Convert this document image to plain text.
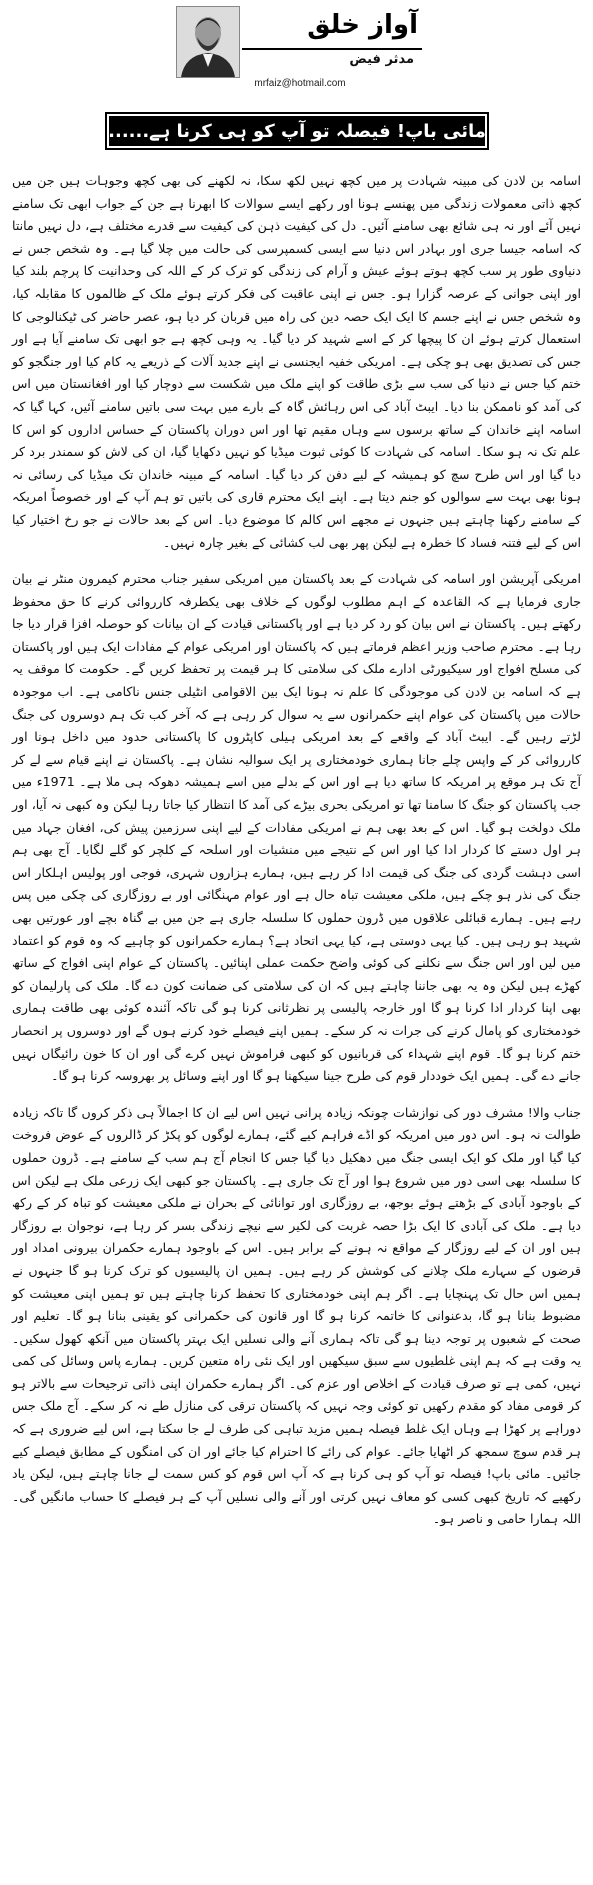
آواز خلق
مدثر فیض
mrfaiz@hotmail.com
مائی باپ! فیصلہ تو آپ کو ہی کرنا ہے......

اسامہ بن لادن کی مبینہ شہادت پر میں کچھ نہیں لکھ سکا، نہ لکھنے کی بھی کچھ وجوہات ہیں جن میں کچھ ذاتی معمولات زندگی میں پھنسے ہونا اور رکھے ایسے سوالات کا ابھرنا ہے جن کے جواب ابھی تک سامنے نہیں آئے اور نہ ہی شائع بھی سامنے آئیں۔ دل کی کیفیت ذہن کی کیفیت سے قدرے مختلف ہے، دل نہیں مانتا کہ اسامہ جیسا جری اور بہادر اس دنیا سے ایسی کسمپرسی کی حالت میں چلا گیا ہے۔ وہ شخص جس نے دنیاوی طور پر سب کچھ ہوتے ہوئے عیش و آرام کی زندگی کو ترک کر کے اللہ کی وحدانیت کا پرچم بلند کیا اور اپنی جوانی کے عرصہ گزارا ہو۔ جس نے اپنی عاقبت کی فکر کرتے ہوئے ملک کے ظالموں کا مقابلہ کیا، وہ شخص جس نے اپنے جسم کا ایک ایک حصہ دین کی راہ میں قربان کر دیا ہو، عصر حاضر کی ٹیکنالوجی کا استعمال کرتے ہوئے ان کا پیچھا کر کے اسے شہید کر دیا گیا۔ یہ وہی کچھ ہے جو ابھی تک سامنے آیا ہے اور جس کی تصدیق بھی ہو چکی ہے۔ امریکی خفیہ ایجنسی نے اپنے جدید آلات کے ذریعے یہ کام کیا اور جنگجو کو ختم کیا جس نے دنیا کی سب سے بڑی طاقت کو اپنے ملک میں شکست سے دوچار کیا اور افغانستان میں اس کی آمد کو ناممکن بنا دیا۔ ایبٹ آباد کی اس رہائش گاہ کے بارے میں بہت سی باتیں سامنے آئیں، کہا گیا کہ اسامہ اپنے خاندان کے ساتھ برسوں سے وہاں مقیم تھا اور اس دوران پاکستان کے حساس اداروں کو اس کا علم تک نہ ہو سکا۔ اسامہ کی شہادت کا کوئی ثبوت میڈیا کو نہیں دکھایا گیا، ان کی لاش کو سمندر برد کر دیا گیا اور اس طرح سچ کو ہمیشہ کے لیے دفن کر دیا گیا۔ اسامہ کے مبینہ خاندان تک میڈیا کی رسائی نہ ہونا بھی بہت سے سوالوں کو جنم دیتا ہے۔ اپنے ایک محترم قاری کی باتیں تو ہم آپ کے اور خصوصاً امریکہ کے سامنے رکھنا چاہتے ہیں جنہوں نے مجھے اس کالم کا موضوع دیا۔ اس کے بعد حالات نے جو رخ اختیار کیا اس کے لیے فتنہ فساد کا خطرہ ہے لیکن پھر بھی لب کشائی کے بغیر چارہ نہیں۔

امریکی آپریشن اور اسامہ کی شہادت کے بعد پاکستان میں امریکی سفیر جناب محترم کیمرون منٹر نے بیان جاری فرمایا ہے کہ القاعدہ کے اہم مطلوب لوگوں کے خلاف بھی یکطرفہ کارروائی کرنے کا حق محفوظ رکھتے ہیں۔ پاکستان نے اس بیان کو رد کر دیا ہے اور پاکستانی قیادت کے ان بیانات کو حوصلہ افزا قرار دیا جا رہا ہے۔ محترم صاحب وزیر اعظم فرماتے ہیں کہ پاکستان اور امریکی عوام کے مفادات ایک ہیں اور پاکستان کی مسلح افواج اور سیکیورٹی ادارے ملک کی سلامتی کا ہر قیمت پر تحفظ کریں گے۔ حکومت کا موقف یہ ہے کہ اسامہ بن لادن کی موجودگی کا علم نہ ہونا ایک بین الاقوامی انٹیلی جنس ناکامی ہے۔ اب موجودہ حالات میں پاکستان کی عوام اپنے حکمرانوں سے یہ سوال کر رہی ہے کہ آخر کب تک ہم دوسروں کی جنگ لڑتے رہیں گے۔ ایبٹ آباد کے واقعے کے بعد امریکی ہیلی کاپٹروں کا پاکستانی حدود میں داخل ہونا اور کارروائی کر کے واپس چلے جانا ہماری خودمختاری پر ایک سوالیہ نشان ہے۔ پاکستان نے اپنے قیام سے لے کر آج تک ہر موقع پر امریکہ کا ساتھ دیا ہے اور اس کے بدلے میں اسے ہمیشہ دھوکہ ہی ملا ہے۔ 1971ء میں جب پاکستان کو جنگ کا سامنا تھا تو امریکی بحری بیڑے کی آمد کا انتظار کیا جاتا رہا لیکن وہ کبھی نہ آیا، اور ملک دولخت ہو گیا۔ اس کے بعد بھی ہم نے امریکی مفادات کے لیے اپنی سرزمین پیش کی، افغان جہاد میں ہر اول دستے کا کردار ادا کیا اور اس کے نتیجے میں منشیات اور اسلحہ کے کلچر کو گلے لگایا۔ آج بھی ہم اسی دہشت گردی کی جنگ کی قیمت ادا کر رہے ہیں، ہمارے ہزاروں شہری، فوجی اور پولیس اہلکار اس جنگ کی نذر ہو چکے ہیں، ملکی معیشت تباہ حال ہے اور عوام مہنگائی اور بے روزگاری کی چکی میں پس رہے ہیں۔ ہمارے قبائلی علاقوں میں ڈرون حملوں کا سلسلہ جاری ہے جن میں بے گناہ بچے اور عورتیں بھی شہید ہو رہی ہیں۔ کیا یہی دوستی ہے، کیا یہی اتحاد ہے؟ ہمارے حکمرانوں کو چاہیے کہ وہ قوم کو اعتماد میں لیں اور اس جنگ سے نکلنے کی کوئی واضح حکمت عملی اپنائیں۔ پاکستان کے عوام اپنی افواج کے ساتھ کھڑے ہیں لیکن وہ یہ بھی جاننا چاہتے ہیں کہ ان کی سلامتی کی ضمانت کون دے گا۔ ملک کی پارلیمان کو بھی اپنا کردار ادا کرنا ہو گا اور خارجہ پالیسی پر نظرثانی کرنا ہو گی تاکہ آئندہ کوئی بھی طاقت ہماری خودمختاری کو پامال کرنے کی جرات نہ کر سکے۔ ہمیں اپنے فیصلے خود کرنے ہوں گے اور دوسروں پر انحصار ختم کرنا ہو گا۔ قوم اپنے شہداء کی قربانیوں کو کبھی فراموش نہیں کرے گی اور ان کا خون رائیگاں نہیں جانے دے گی۔ ہمیں ایک خوددار قوم کی طرح جینا سیکھنا ہو گا اور اپنے وسائل پر بھروسہ کرنا ہو گا۔

جناب والا! مشرف دور کی نوازشات چونکہ زیادہ پرانی نہیں اس لیے ان کا اجمالاً ہی ذکر کروں گا تاکہ زیادہ طوالت نہ ہو۔ اس دور میں امریکہ کو اڈے فراہم کیے گئے، ہمارے لوگوں کو پکڑ کر ڈالروں کے عوض فروخت کیا گیا اور ملک کو ایک ایسی جنگ میں دھکیل دیا گیا جس کا انجام آج ہم سب کے سامنے ہے۔ ڈرون حملوں کا سلسلہ بھی اسی دور میں شروع ہوا اور آج تک جاری ہے۔ پاکستان جو کبھی ایک زرعی ملک ہے لیکن اس کے باوجود آبادی کے بڑھتے ہوئے بوجھ، بے روزگاری اور توانائی کے بحران نے ملکی معیشت کو تباہ کر کے رکھ دیا ہے۔ ملک کی آبادی کا ایک بڑا حصہ غربت کی لکیر سے نیچے زندگی بسر کر رہا ہے، نوجوان بے روزگار ہیں اور ان کے لیے روزگار کے مواقع نہ ہونے کے برابر ہیں۔ اس کے باوجود ہمارے حکمران بیرونی امداد اور قرضوں کے سہارے ملک چلانے کی کوشش کر رہے ہیں۔ ہمیں ان پالیسیوں کو ترک کرنا ہو گا جنہوں نے ہمیں اس حال تک پہنچایا ہے۔ اگر ہم اپنی خودمختاری کا تحفظ کرنا چاہتے ہیں تو ہمیں اپنی معیشت کو مضبوط بنانا ہو گا، بدعنوانی کا خاتمہ کرنا ہو گا اور قانون کی حکمرانی کو یقینی بنانا ہو گا۔ تعلیم اور صحت کے شعبوں پر توجہ دینا ہو گی تاکہ ہماری آنے والی نسلیں ایک بہتر پاکستان میں آنکھ کھول سکیں۔ یہ وقت ہے کہ ہم اپنی غلطیوں سے سبق سیکھیں اور ایک نئی راہ متعین کریں۔ ہمارے پاس وسائل کی کمی نہیں، کمی ہے تو صرف قیادت کے اخلاص اور عزم کی۔ اگر ہمارے حکمران اپنی ذاتی ترجیحات سے بالاتر ہو کر قومی مفاد کو مقدم رکھیں تو کوئی وجہ نہیں کہ پاکستان ترقی کی منازل طے نہ کر سکے۔ آج ملک جس دوراہے پر کھڑا ہے وہاں ایک غلط فیصلہ ہمیں مزید تباہی کی طرف لے جا سکتا ہے، اس لیے ضروری ہے کہ ہر قدم سوچ سمجھ کر اٹھایا جائے۔ عوام کی رائے کا احترام کیا جائے اور ان کی امنگوں کے مطابق فیصلے کیے جائیں۔ مائی باپ! فیصلہ تو آپ کو ہی کرنا ہے کہ آپ اس قوم کو کس سمت لے جانا چاہتے ہیں، لیکن یاد رکھیے کہ تاریخ کبھی کسی کو معاف نہیں کرتی اور آنے والی نسلیں آپ کے ہر فیصلے کا حساب مانگیں گی۔ اللہ ہمارا حامی و ناصر ہو۔
